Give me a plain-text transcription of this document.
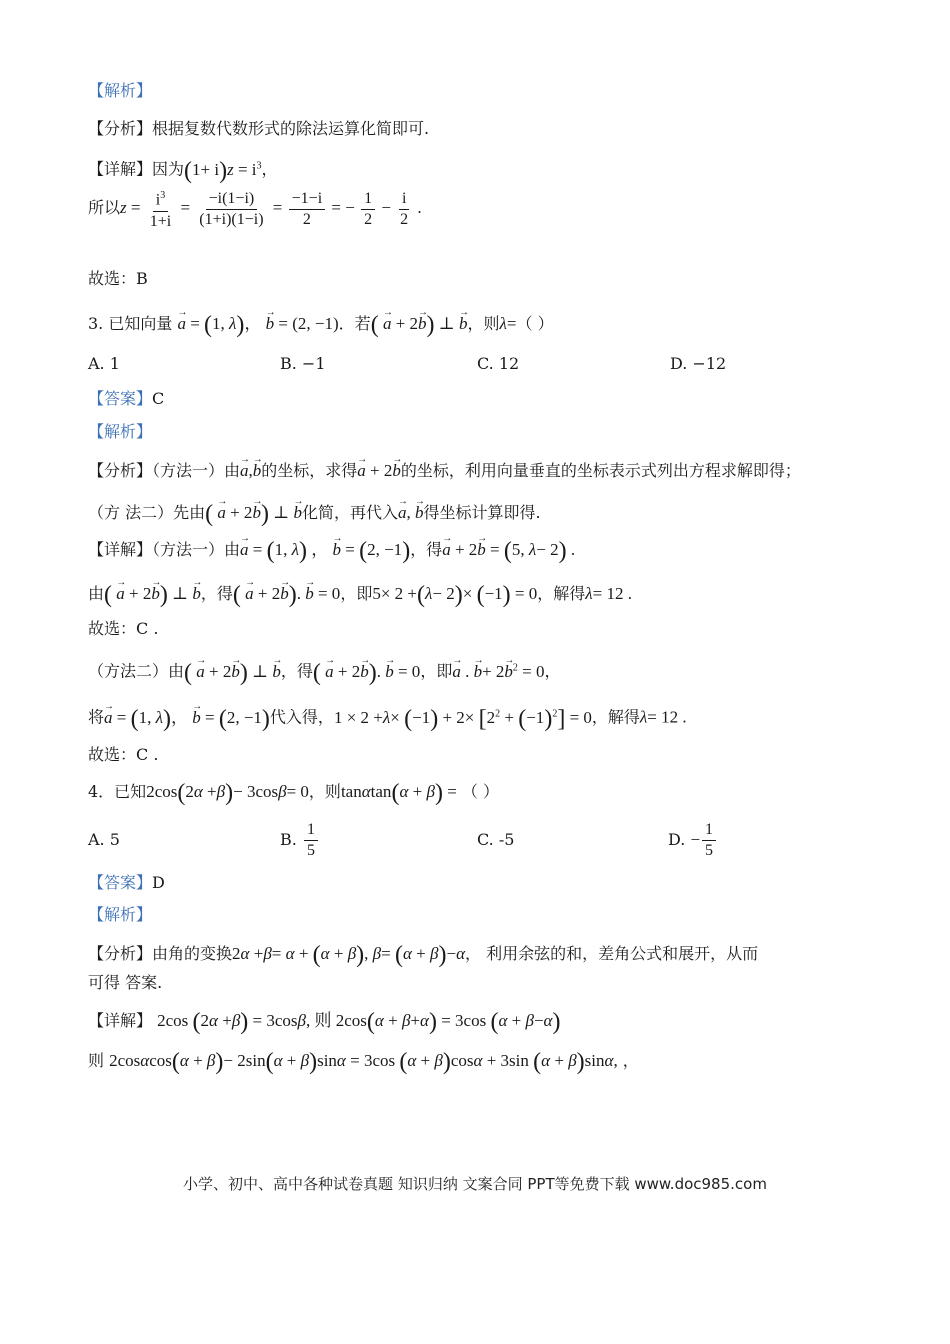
【解析】
【分析】根据复数代数形式的除法运算化简即可.
【详解】因为$(1+ i)z = i^3$，
所以$z = \frac{i^3}{1+i} = \frac{-i(1-i)}{(1+i)(1-i)} = \frac{-1-i}{2}$ = − $\frac{1}{2} - \frac{i}{2}$ .
故选：B
3. 已知向量 → a = (1, λ)， → b = (2, −1)．若( → a + 2→ b) ⊥ → b，则λ=（ ）
A. 1	B. −1	C. 12	D. −12
【答案】C
【解析】
【分析】（方法一）由→ a,→ b的坐标，求得→ a + 2→ b的坐标，利用向量垂直的坐标表示式列出方程求解即得；
（方 法二）先由( → a + 2→ b) ⊥ → b化简，再代入→ a, → b得坐标计算即得.
【详解】（方法一）由→ a = (1, λ) ， → b = (2, −1)，得→ a + 2→ b = (5, λ− 2) .
由( → a + 2→ b) ⊥ → b，得( → a + 2→ b). → b = 0，即5× 2 +(λ− 2)× (−1) = 0，解得λ= 12 .
故选：C .
（方法二）由( → a + 2→ b) ⊥ → b，得( → a + 2→ b). → b = 0，即→ a . → $b+ 2\to b^2 = 0$，
将→ a = (1, λ)， → b = (2, −1)代入得，$1 \times 2 +\lambda\times (-1) + 2\times [2^2 + (-1)^2] = 0$，解得λ= 12 .
故选：C .
4．已知2cos(2α +β)− 3cosβ= 0，则tanαtan(α + β) = （ ）
A. 5	B. $\frac{1}{5}$	C. -5	D. − $\frac{1}{5}$
【答案】D
【解析】
【分析】由角的变换2α +β= α + (α + β), β= (α + β)−α， 利用余弦的和，差角公式和展开，从而
可得 答案.
【详解】 2cos (2α +β) = 3cosβ, 则 2cos(α + β+α) = 3cos (α + β−α)
则 2cosαcos(α + β)− 2sin(α + β)sinα = 3cos (α + β)cosα + 3sin (α + β)sinα, ，
小学、初中、高中各种试卷真题 知识归纳 文案合同 PPT等免费下载 www.doc985.com
